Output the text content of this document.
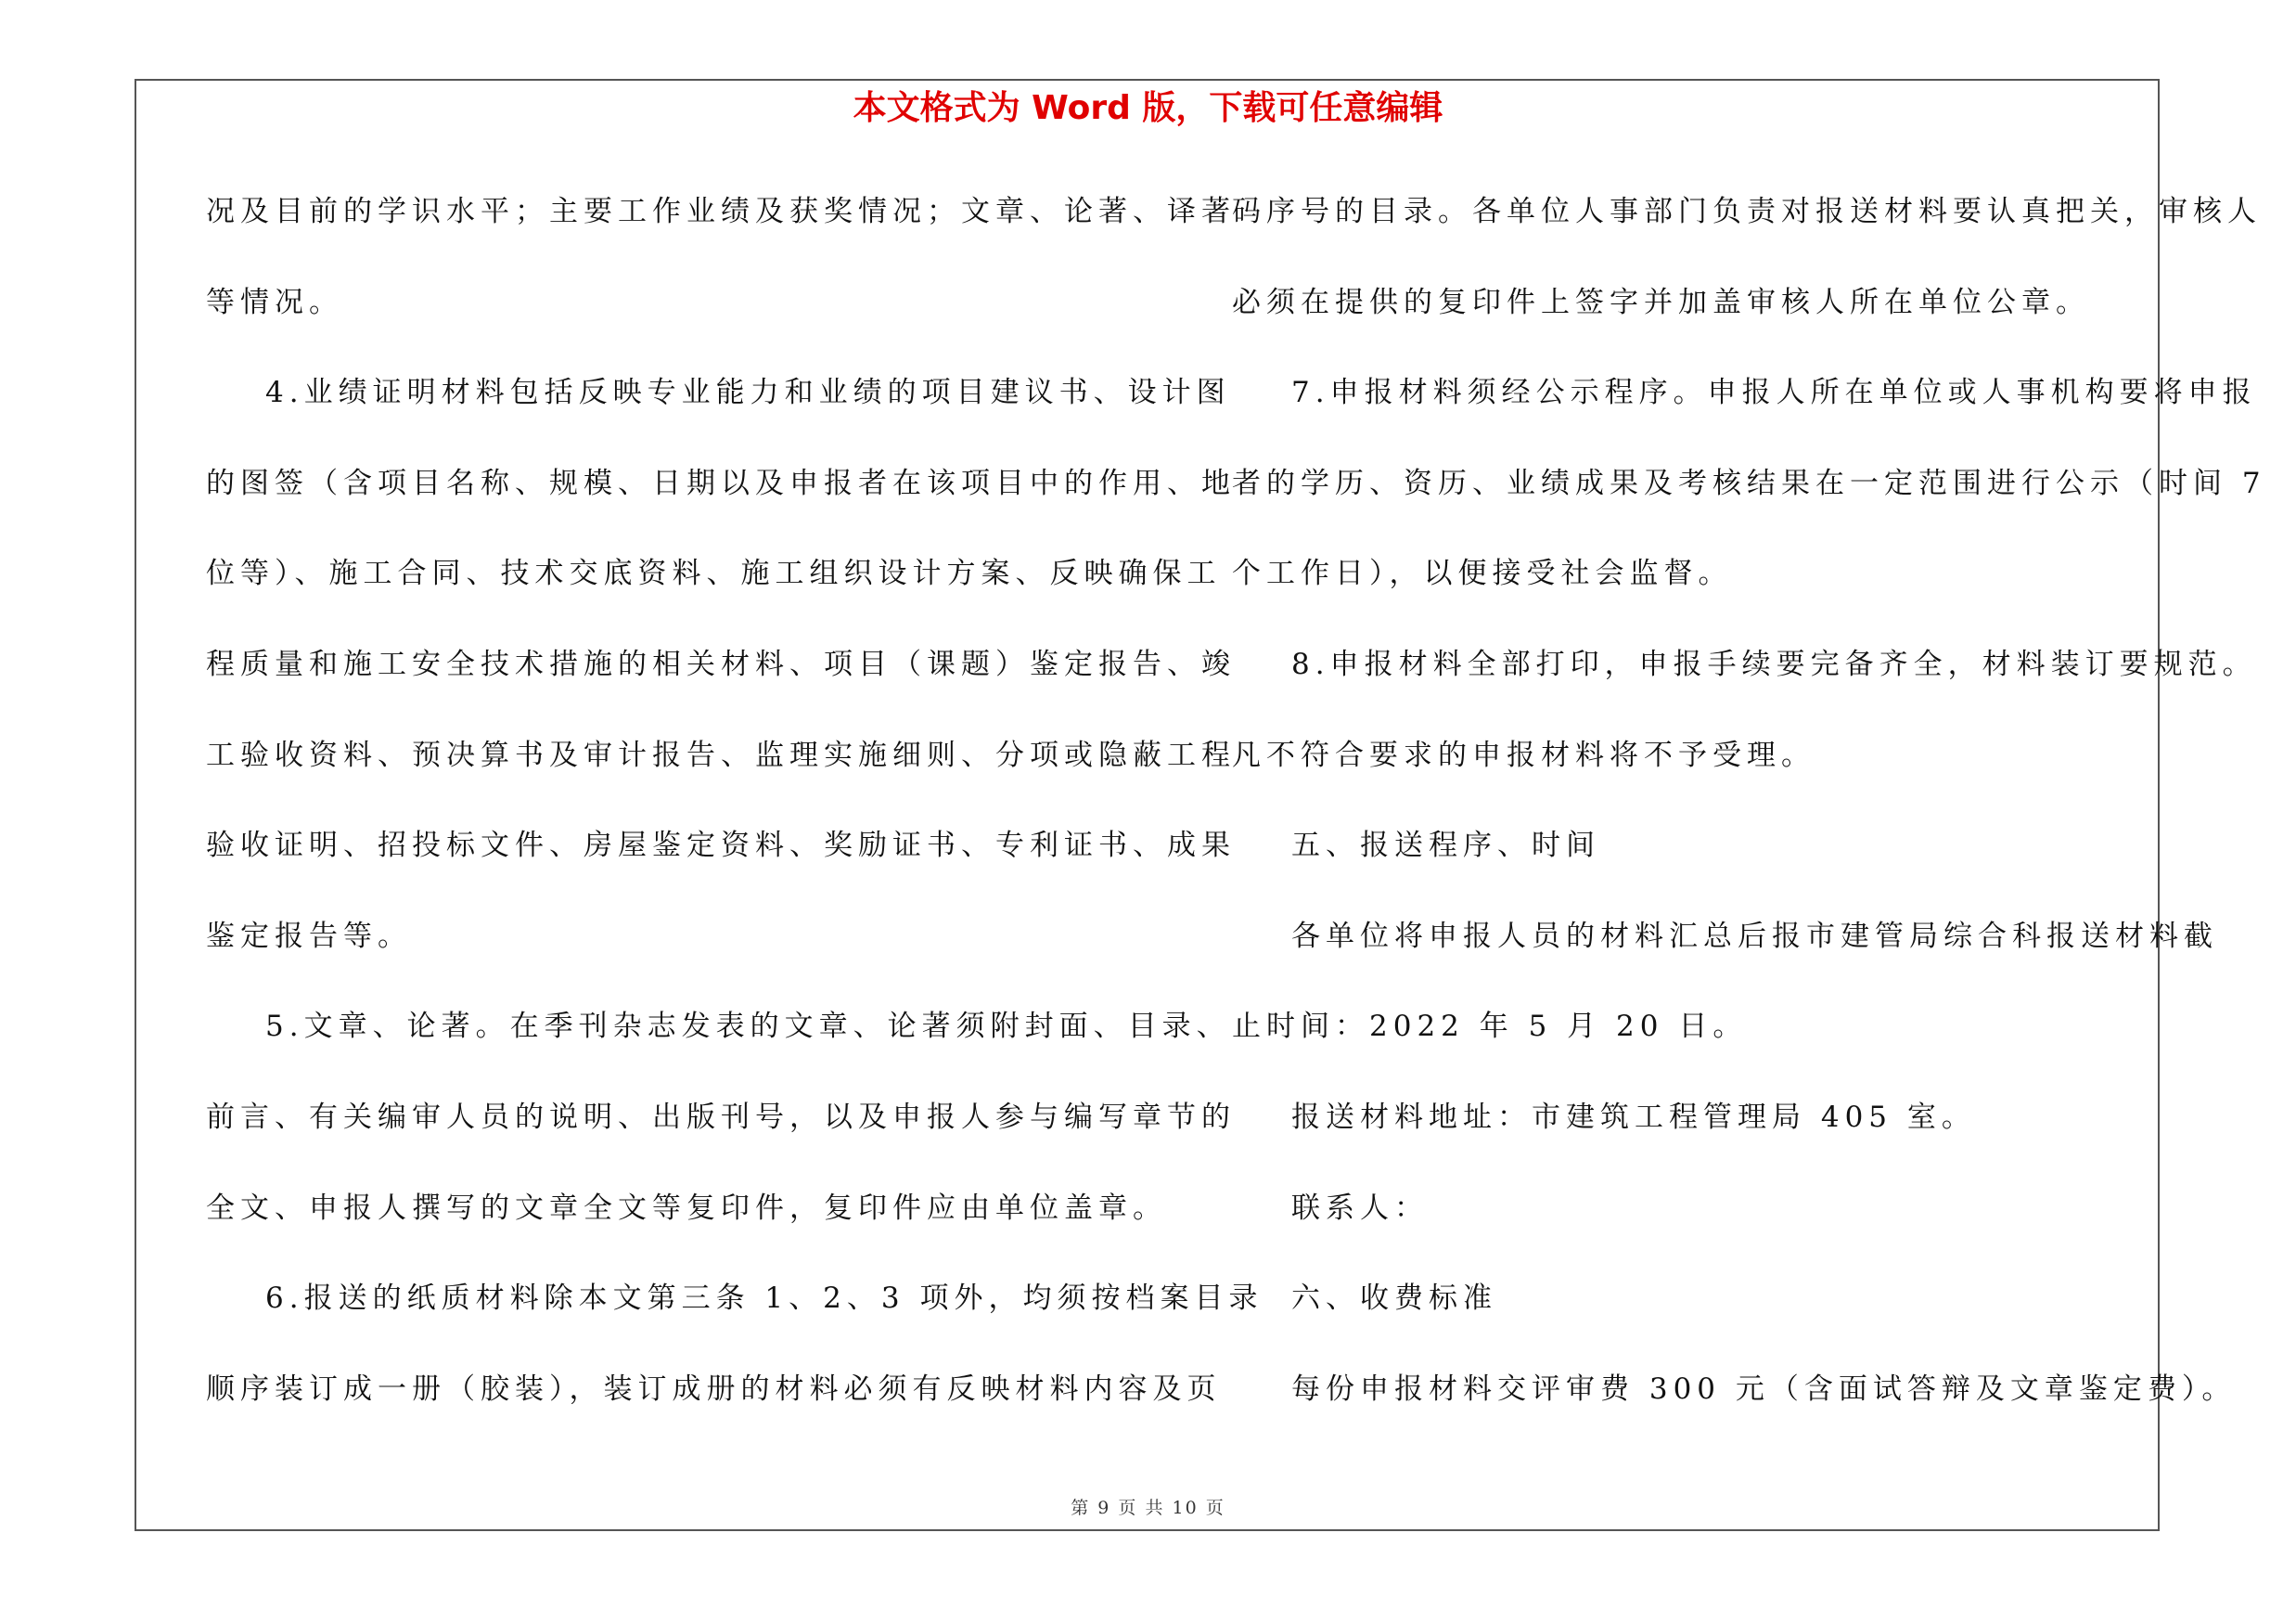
本文格式为 Word 版，下载可任意编辑
况及目前的学识水平；主要工作业绩及获奖情况；文章、论著、译著
等情况。
4.业绩证明材料包括反映专业能力和业绩的项目建议书、设计图
的图签（含项目名称、规模、日期以及申报者在该项目中的作用、地
位等）、施工合同、技术交底资料、施工组织设计方案、反映确保工
程质量和施工安全技术措施的相关材料、项目（课题）鉴定报告、竣
工验收资料、预决算书及审计报告、监理实施细则、分项或隐蔽工程
验收证明、招投标文件、房屋鉴定资料、奖励证书、专利证书、成果
鉴定报告等。
5.文章、论著。在季刊杂志发表的文章、论著须附封面、目录、
前言、有关编审人员的说明、出版刊号，以及申报人参与编写章节的
全文、申报人撰写的文章全文等复印件，复印件应由单位盖章。
6.报送的纸质材料除本文第三条 1、2、3 项外，均须按档案目录
顺序装订成一册（胶装），装订成册的材料必须有反映材料内容及页
码序号的目录。各单位人事部门负责对报送材料要认真把关，审核人
必须在提供的复印件上签字并加盖审核人所在单位公章。
7.申报材料须经公示程序。申报人所在单位或人事机构要将申报
者的学历、资历、业绩成果及考核结果在一定范围进行公示（时间 7
个工作日），以便接受社会监督。
8.申报材料全部打印，申报手续要完备齐全，材料装订要规范。
凡不符合要求的申报材料将不予受理。
五、报送程序、时间
各单位将申报人员的材料汇总后报市建管局综合科报送材料截
止时间：2022 年 5 月 20 日。
报送材料地址：市建筑工程管理局 405 室。
联系人：
六、收费标准
每份申报材料交评审费 300 元（含面试答辩及文章鉴定费）。
第 9 页 共 10 页
